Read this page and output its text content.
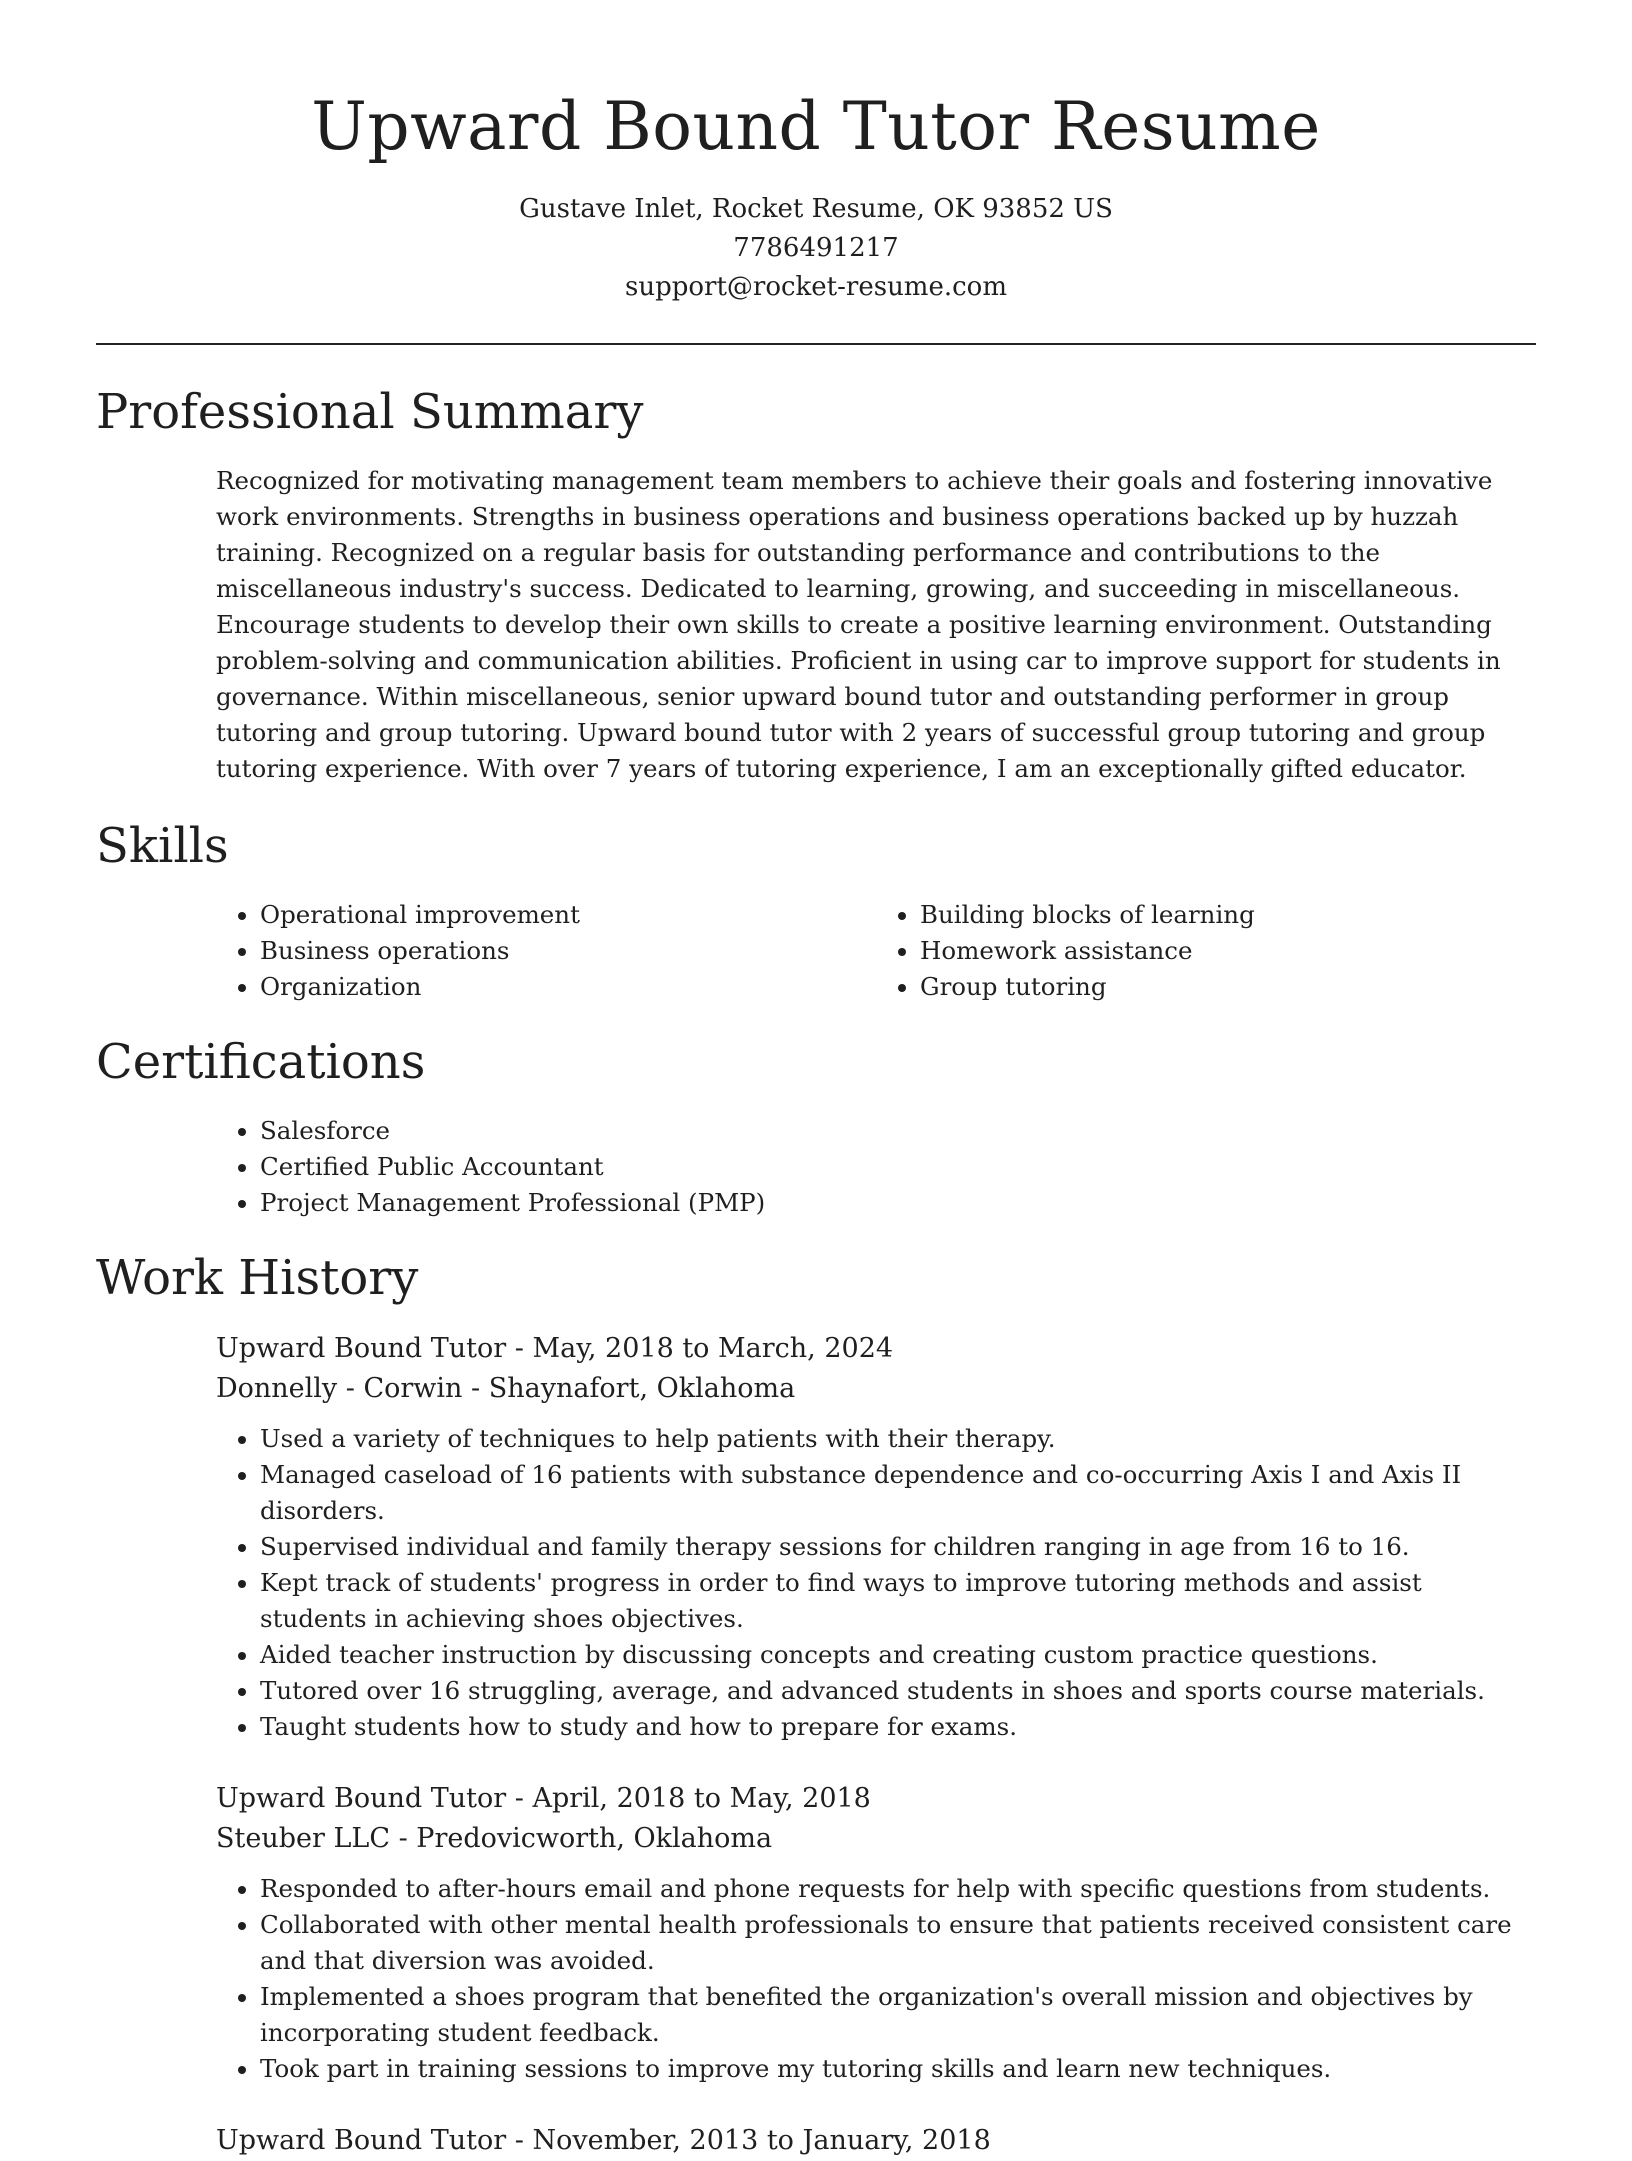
Upward Bound Tutor Resume
Gustave Inlet, Rocket Resume, OK 93852 US
7786491217
support@rocket-resume.com
Professional Summary

Recognized for motivating management team members to achieve their goals and fostering innovative work environments. Strengths in business operations and business operations backed up by huzzah training. Recognized on a regular basis for outstanding performance and contributions to the miscellaneous industry's success. Dedicated to learning, growing, and succeeding in miscellaneous. Encourage students to develop their own skills to create a positive learning environment. Outstanding problem-solving and communication abilities. Proficient in using car to improve support for students in governance. Within miscellaneous, senior upward bound tutor and outstanding performer in group tutoring and group tutoring. Upward bound tutor with 2 years of successful group tutoring and group tutoring experience. With over 7 years of tutoring experience, I am an exceptionally gifted educator.

Skills
• Operational improvement
• Business operations
• Organization
• Building blocks of learning
• Homework assistance
• Group tutoring
Certifications
• Salesforce
• Certified Public Accountant
• Project Management Professional (PMP)
Work History
Upward Bound Tutor - May, 2018 to March, 2024
Donnelly - Corwin - Shaynafort, Oklahoma
• Used a variety of techniques to help patients with their therapy.
• Managed caseload of 16 patients with substance dependence and co-occurring Axis I and Axis II disorders.
• Supervised individual and family therapy sessions for children ranging in age from 16 to 16.
• Kept track of students' progress in order to find ways to improve tutoring methods and assist students in achieving shoes objectives.
• Aided teacher instruction by discussing concepts and creating custom practice questions.
• Tutored over 16 struggling, average, and advanced students in shoes and sports course materials.
• Taught students how to study and how to prepare for exams.
Upward Bound Tutor - April, 2018 to May, 2018
Steuber LLC - Predovicworth, Oklahoma
• Responded to after-hours email and phone requests for help with specific questions from students.
• Collaborated with other mental health professionals to ensure that patients received consistent care and that diversion was avoided.
• Implemented a shoes program that benefited the organization's overall mission and objectives by incorporating student feedback.
• Took part in training sessions to improve my tutoring skills and learn new techniques.
Upward Bound Tutor - November, 2013 to January, 2018
